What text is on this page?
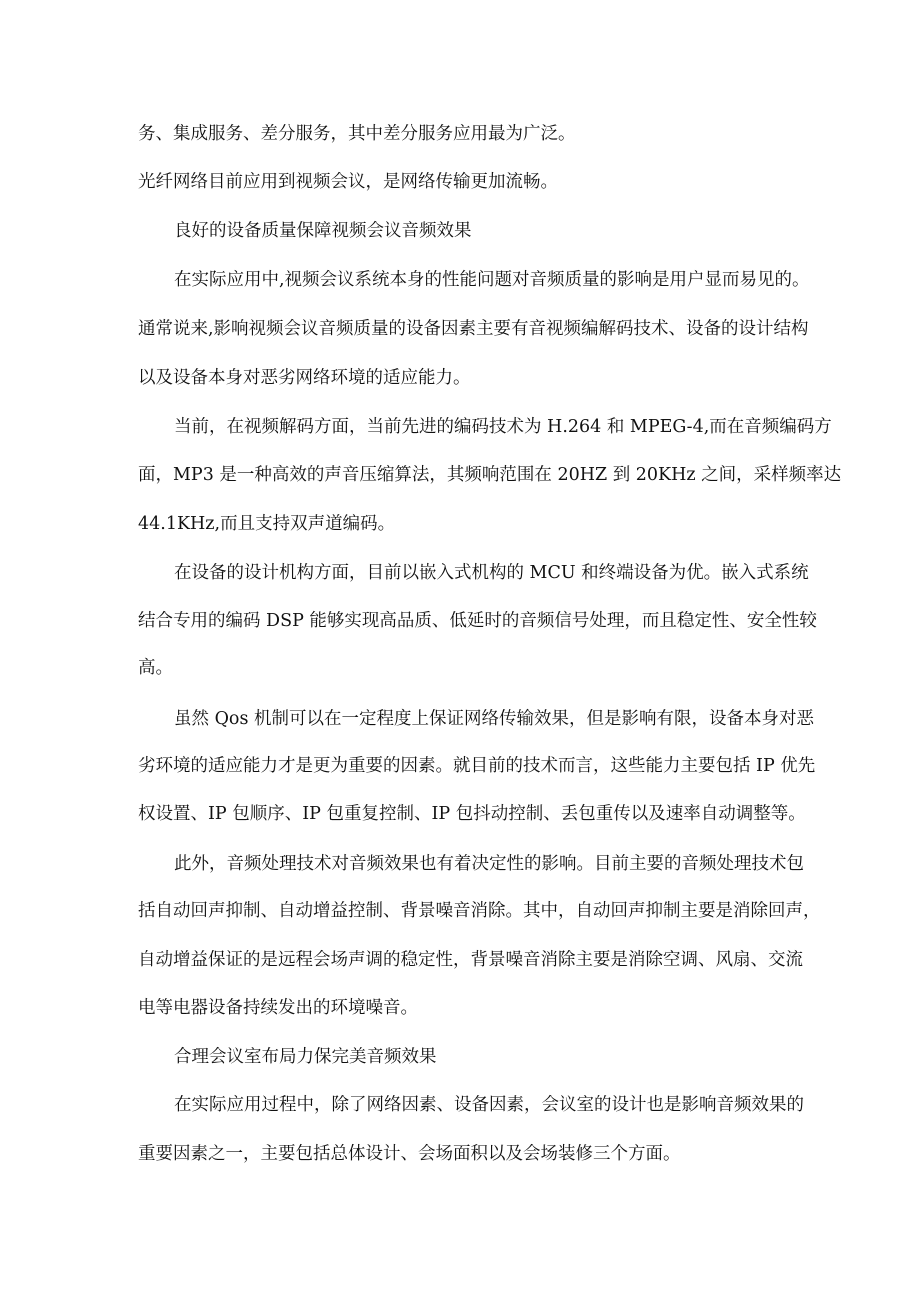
务、集成服务、差分服务，其中差分服务应用最为广泛。
光纤网络目前应用到视频会议，是网络传输更加流畅。
良好的设备质量保障视频会议音频效果
在实际应用中,视频会议系统本身的性能问题对音频质量的影响是用户显而易见的。
通常说来,影响视频会议音频质量的设备因素主要有音视频编解码技术、设备的设计结构
以及设备本身对恶劣网络环境的适应能力。
当前，在视频解码方面，当前先进的编码技术为 H.264 和 MPEG-4,而在音频编码方
面，MP3 是一种高效的声音压缩算法，其频响范围在 20HZ 到 20KHz 之间，采样频率达
44.1KHz,而且支持双声道编码。
在设备的设计机构方面，目前以嵌入式机构的 MCU 和终端设备为优。嵌入式系统
结合专用的编码 DSP 能够实现高品质、低延时的音频信号处理，而且稳定性、安全性较
高。
虽然 Qos 机制可以在一定程度上保证网络传输效果，但是影响有限，设备本身对恶
劣环境的适应能力才是更为重要的因素。就目前的技术而言，这些能力主要包括 IP 优先
权设置、IP 包顺序、IP 包重复控制、IP 包抖动控制、丢包重传以及速率自动调整等。
此外，音频处理技术对音频效果也有着决定性的影响。目前主要的音频处理技术包
括自动回声抑制、自动增益控制、背景噪音消除。其中，自动回声抑制主要是消除回声，
自动增益保证的是远程会场声调的稳定性，背景噪音消除主要是消除空调、风扇、交流
电等电器设备持续发出的环境噪音。
合理会议室布局力保完美音频效果
在实际应用过程中，除了网络因素、设备因素，会议室的设计也是影响音频效果的
重要因素之一，主要包括总体设计、会场面积以及会场装修三个方面。
